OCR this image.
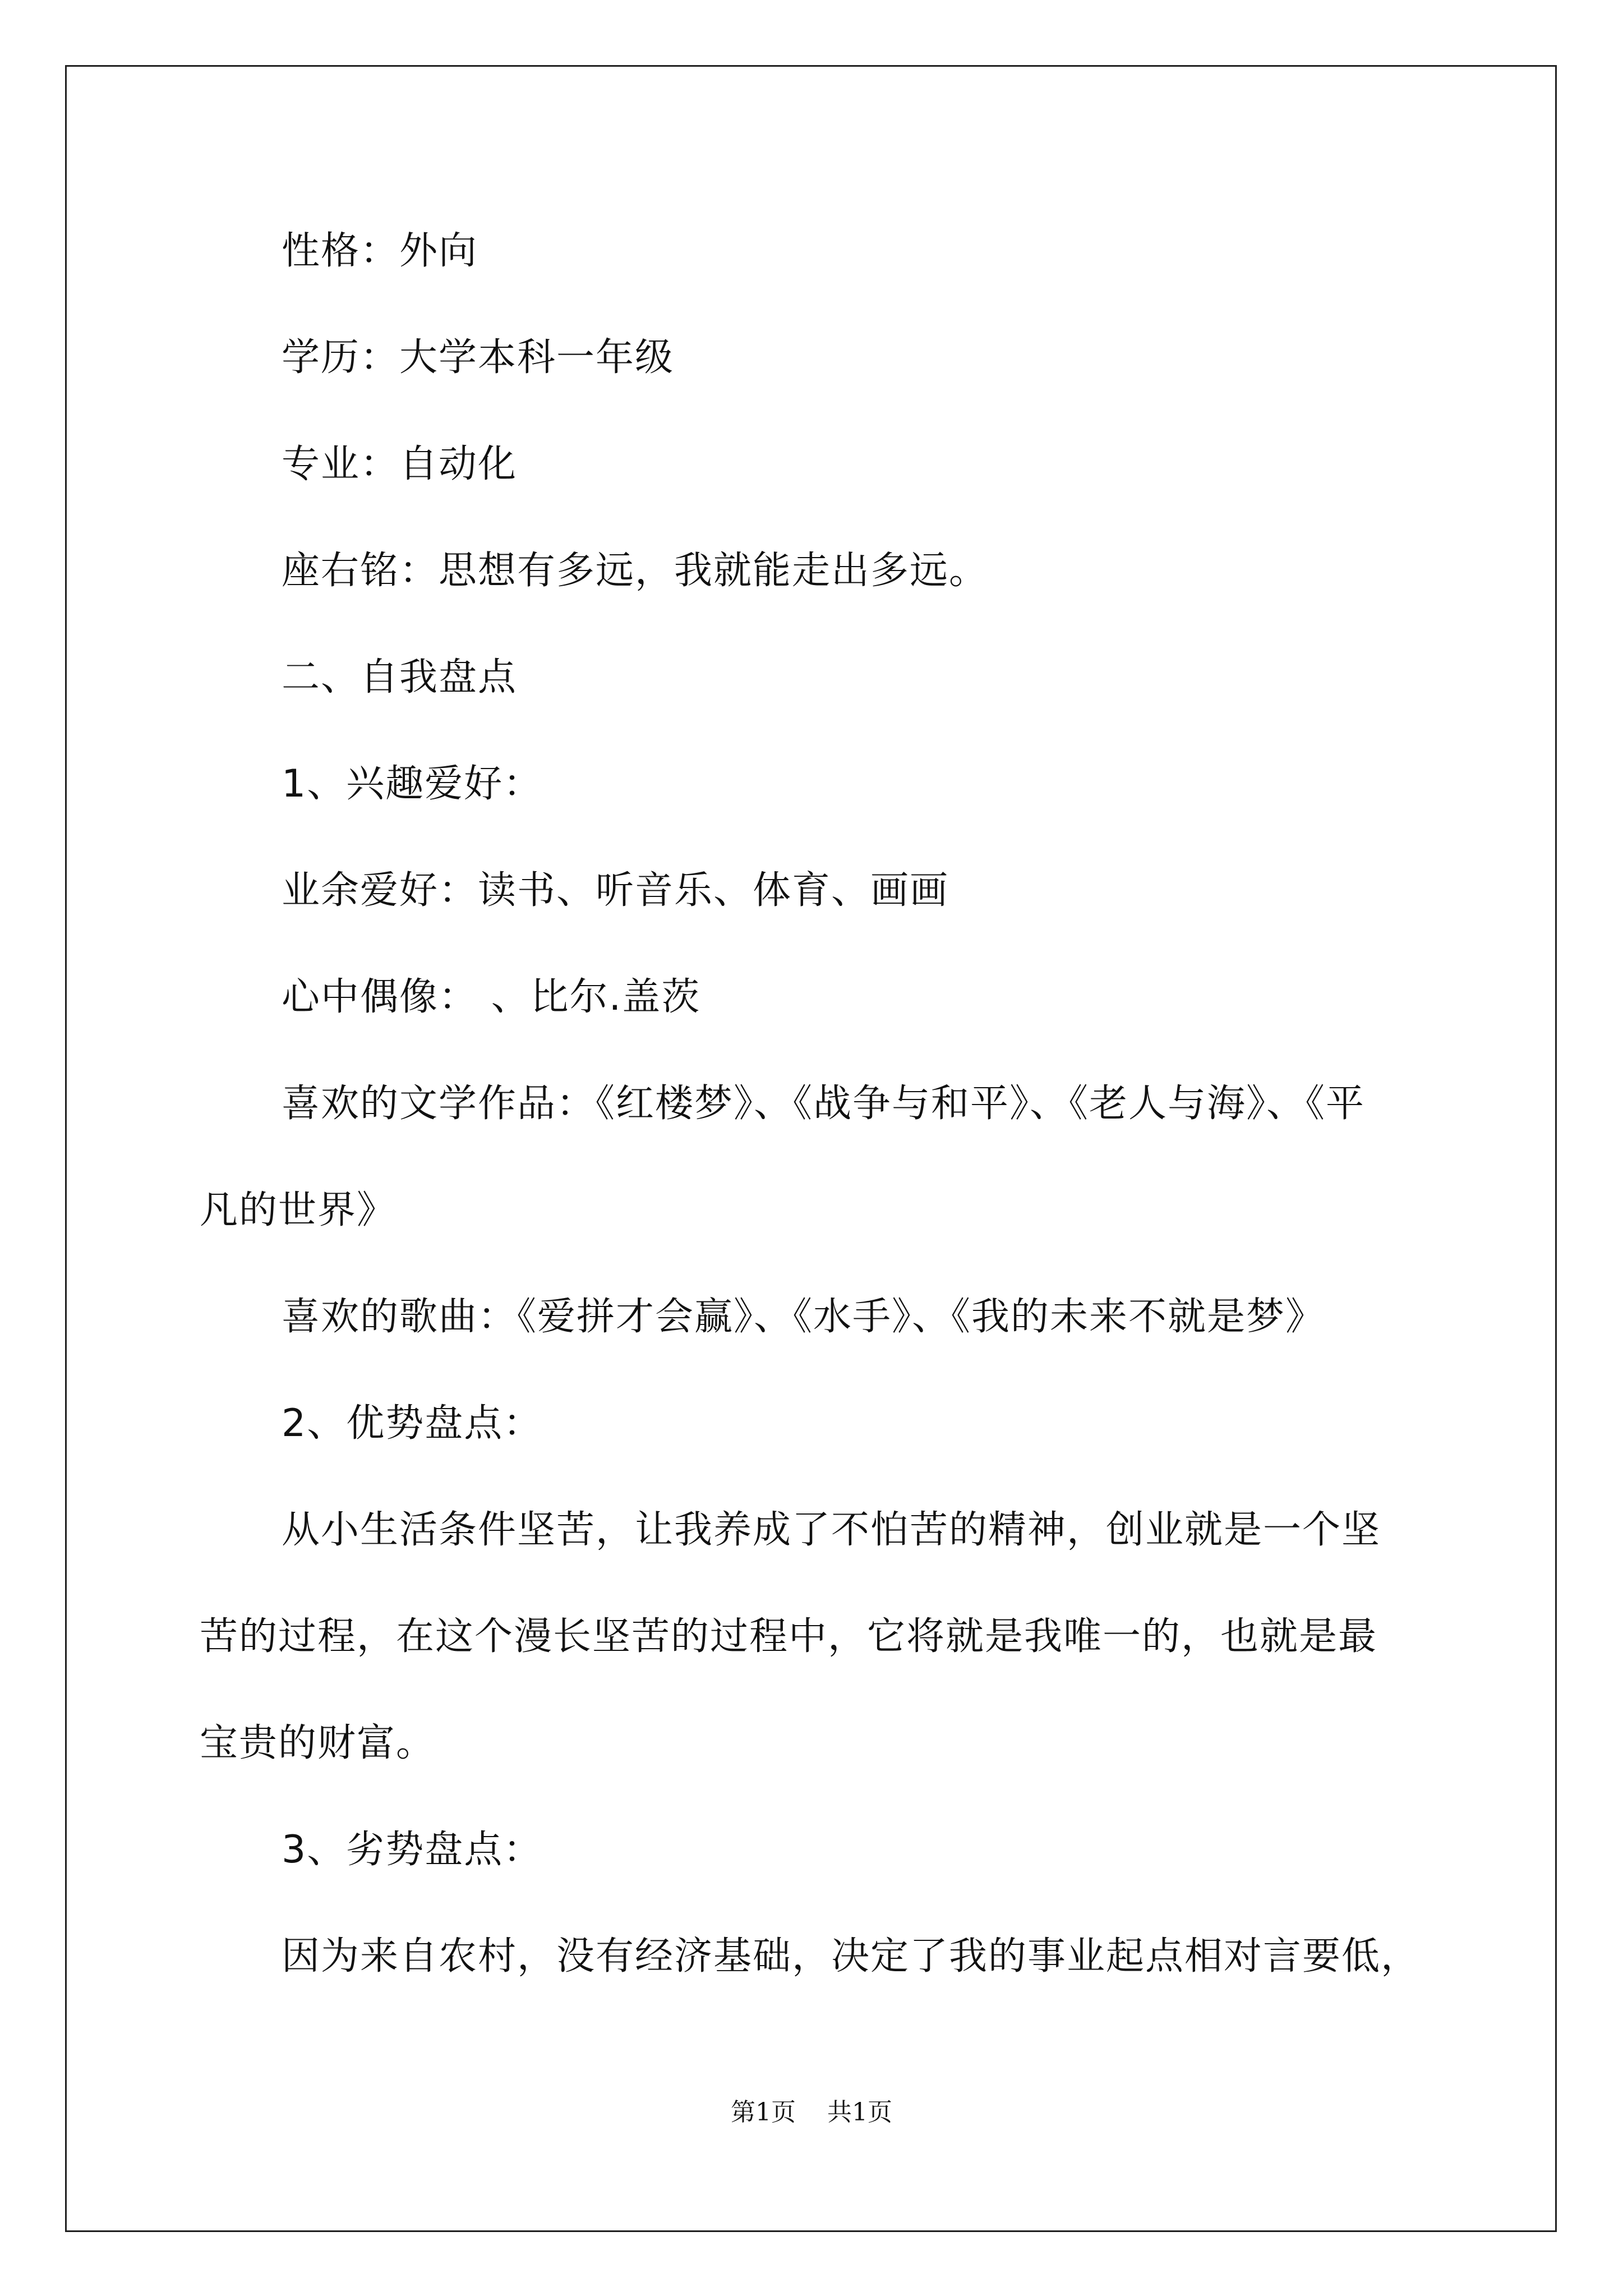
性格：外向
学历：大学本科一年级
专业：自动化
座右铭：思想有多远，我就能走出多远。
二、自我盘点
1、兴趣爱好：
业余爱好：读书、听音乐、体育、画画
心中偶像： 、比尔.盖茨
喜欢的文学作品：《红楼梦》、《战争与和平》、《老人与海》、《平
凡的世界》
喜欢的歌曲：《爱拼才会赢》、《水手》、《我的未来不就是梦》
2、优势盘点：
从小生活条件坚苦，让我养成了不怕苦的精神，创业就是一个坚
苦的过程，在这个漫长坚苦的过程中，它将就是我唯一的，也就是最
宝贵的财富。
3、劣势盘点：
因为来自农村，没有经济基础，决定了我的事业起点相对言要低，
第1页    共1页
